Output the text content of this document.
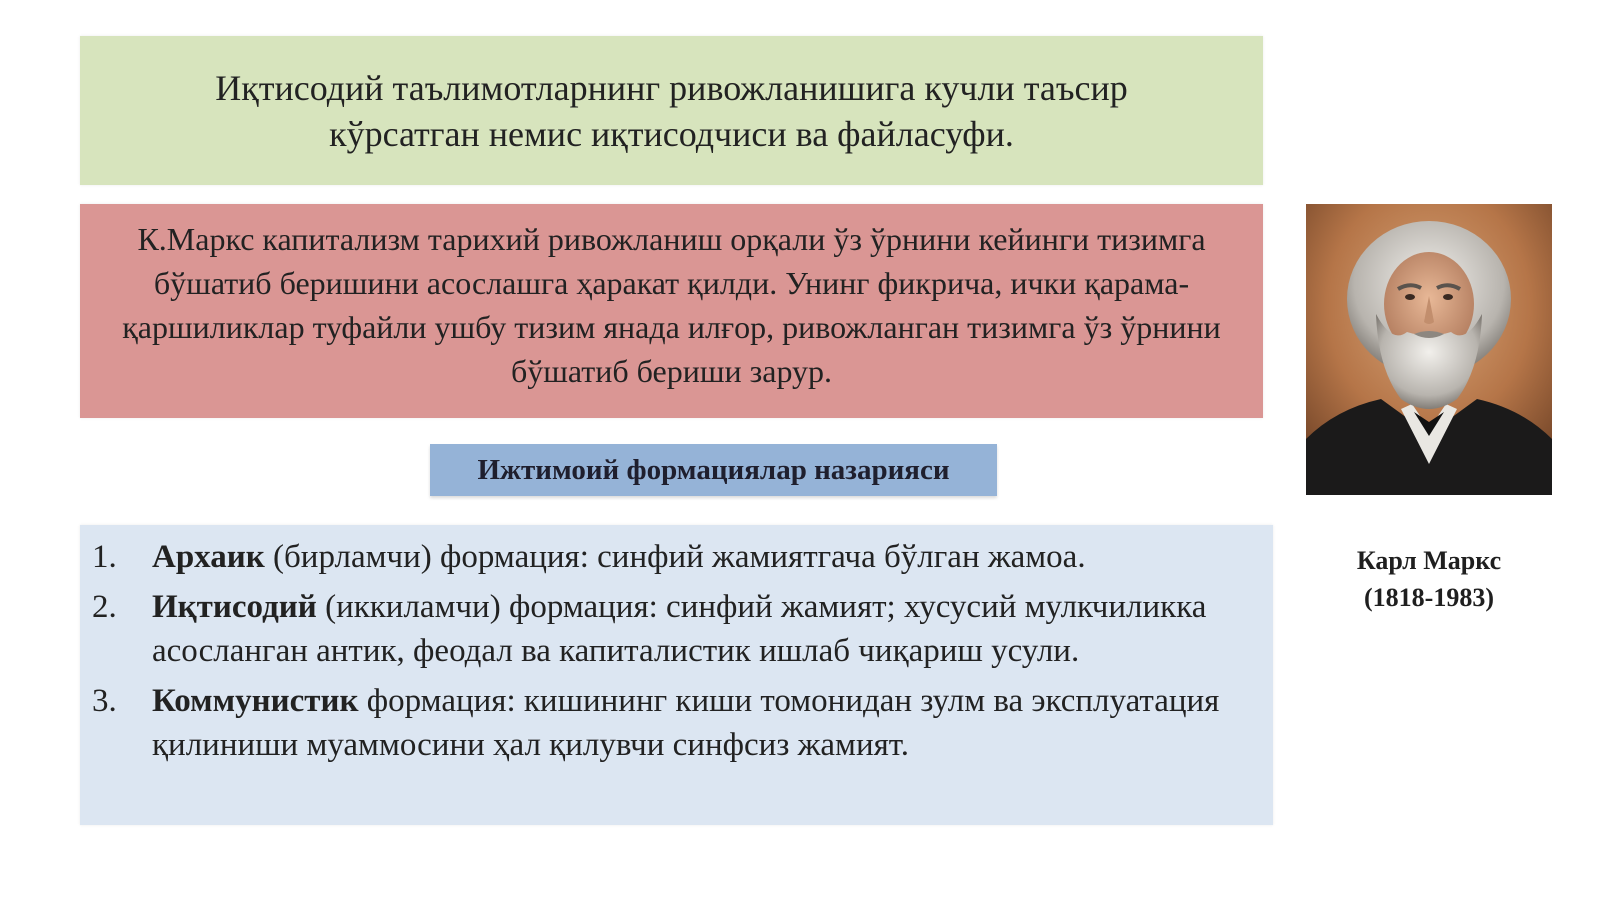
Иқтисодий таълимотларнинг ривожланишига кучли таъсир
кўрсатган немис иқтисодчиси ва файласуфи.
К.Маркс капитализм тарихий ривожланиш орқали ўз ўрнини кейинги тизимга бўшатиб беришини асослашга ҳаракат қилди. Унинг фикрича, ички қарама-қаршиликлар туфайли ушбу тизим янада илғор, ривожланган тизимга ўз ўрнини бўшатиб бериши зарур.
Ижтимоий формациялар назарияси
1.	Архаик (бирламчи) формация: синфий жамиятгача бўлган жамоа.
2.	Иқтисодий (иккиламчи) формация: синфий жамият; хусусий мулкчиликка асосланган антик, феодал ва капиталистик ишлаб чиқариш усули.
3.	Коммунистик формация: кишининг киши томонидан зулм ва эксплуатация қилиниши муаммосини ҳал қилувчи синфсиз жамият.
Карл Маркс
(1818-1983)
